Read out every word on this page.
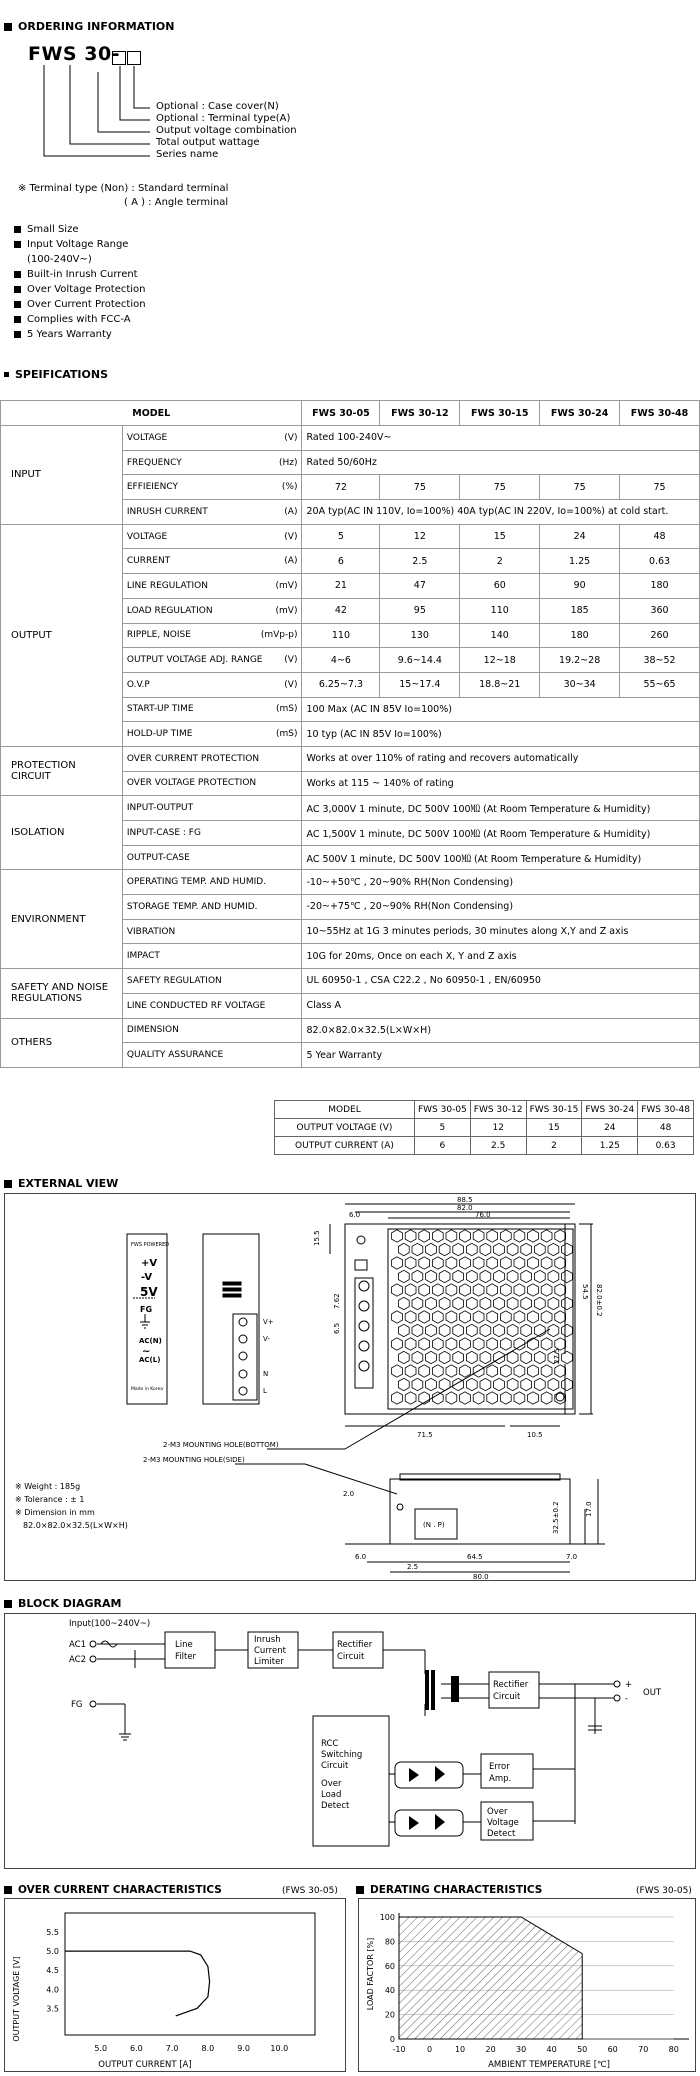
ORDERING INFORMATION
FWS 30-
Optional : Case cover(N)
Optional : Terminal type(A)
Output voltage combination
Total output wattage
Series name
※ Terminal type (Non) : Standard terminal
( A ) : Angle terminal
Small Size
Input Voltage Range
(100-240V~)
Built-in Inrush Current
Over Voltage Protection
Over Current Protection
Complies with FCC-A
5 Years Warranty
SPEIFICATIONS
MODEL		FWS 30-05	FWS 30-12	FWS 30-15	FWS 30-24	FWS 30-48
INPUT	VOLTAGE (V)	Rated 100-240V~				
	FREQUENCY (Hz)	Rated 50/60Hz				
	EFFIEIENCY (%)	72	75	75	75	75
	INRUSH CURRENT (A)	20A typ(AC IN 110V, Io=100%) 40A typ(AC IN 220V, Io=100%) at cold start.				
OUTPUT	VOLTAGE (V)	5	12	15	24	48
	CURRENT (A)	6	2.5	2	1.25	0.63
	LINE REGULATION (mV)	21	47	60	90	180
	LOAD REGULATION (mV)	42	95	110	185	360
	RIPPLE, NOISE (mVp-p)	110	130	140	180	260
	OUTPUT VOLTAGE ADJ. RANGE (V)	4~6	9.6~14.4	12~18	19.2~28	38~52
	O.V.P (V)	6.25~7.3	15~17.4	18.8~21	30~34	55~65
	START-UP TIME (mS)	100 Max (AC IN 85V Io=100%)				
	HOLD-UP TIME (mS)	10 typ (AC IN 85V Io=100%)				
PROTECTION CIRCUIT	OVER CURRENT PROTECTION	Works at over 110% of rating and recovers automatically				
	OVER VOLTAGE PROTECTION	Works at 115 ~ 140% of rating				
ISOLATION	INPUT-OUTPUT	AC 3,000V 1 minute, DC 500V 100㏁ (At Room Temperature & Humidity)				
	INPUT-CASE : FG	AC 1,500V 1 minute, DC 500V 100㏁ (At Room Temperature & Humidity)				
	OUTPUT-CASE	AC 500V 1 minute, DC 500V 100㏁ (At Room Temperature & Humidity)				
ENVIRONMENT	OPERATING TEMP. AND HUMID.	-10~+50℃ , 20~90% RH(Non Condensing)				
	STORAGE TEMP. AND HUMID.	-20~+75℃ , 20~90% RH(Non Condensing)				
	VIBRATION	10~55Hz at 1G 3 minutes periods, 30 minutes along X,Y and Z axis				
	IMPACT	10G for 20ms, Once on each X, Y and Z axis				
SAFETY AND NOISE REGULATIONS	SAFETY REGULATION	UL 60950-1 , CSA C22.2 , No 60950-1 , EN/60950				
	LINE CONDUCTED RF VOLTAGE	Class A				
OTHERS	DIMENSION	82.0×82.0×32.5(L×W×H)				
	QUALITY ASSURANCE	5 Year Warranty				
MODEL	FWS 30-05	FWS 30-12	FWS 30-15	FWS 30-24	FWS 30-48
OUTPUT VOLTAGE (V)	5	12	15	24	48
OUTPUT CURRENT (A)	6	2.5	2	1.25	0.63
EXTERNAL VIEW
FWS POWERED
+V
-V
5V
FG
AC(N)
~
AC(L)
Made in Korea
V+
V-
N
L
88.5
82.0
76.0
6.0
15.5
7.62
6.5
54.5 82.0±0.2
27.5
71.5	10.5
2-M3 MOUNTING HOLE(BOTTOM)
2-M3 MOUNTING HOLE(SIDE)
2.0
17.0
32.5±0.2
6.0	64.5	7.0
2.5
80.0
(N . P)
※ Weight : 185g
※ Tolerance : ± 1
※ Dimension in mm
82.0×82.0×32.5(L×W×H)
BLOCK DIAGRAM
Input(100~240V~)
AC1
AC2
FG
Line
Filter
Inrush
Current
Limiter
Rectifier
Circuit
Rectifier
Circuit
RCC
Switching
Circuit
Over
Load
Detect
Error
Amp.
Over
Voltage
Detect
+
-
OUT
OVER CURRENT CHARACTERISTICS	(FWS 30-05)
OUTPUT VOLTAGE [V]
OUTPUT CURRENT [A]
5.0	6.0	7.0	8.0	9.0	10.0
5.5
5.0
4.5
4.0
3.5
DERATING CHARACTERISTICS	(FWS 30-05)
LOAD FACTOR [%]
AMBIENT TEMPERATURE [℃]
100
80
60
40
20
0
-10	0	10	20	30	40	50	60	70	80
